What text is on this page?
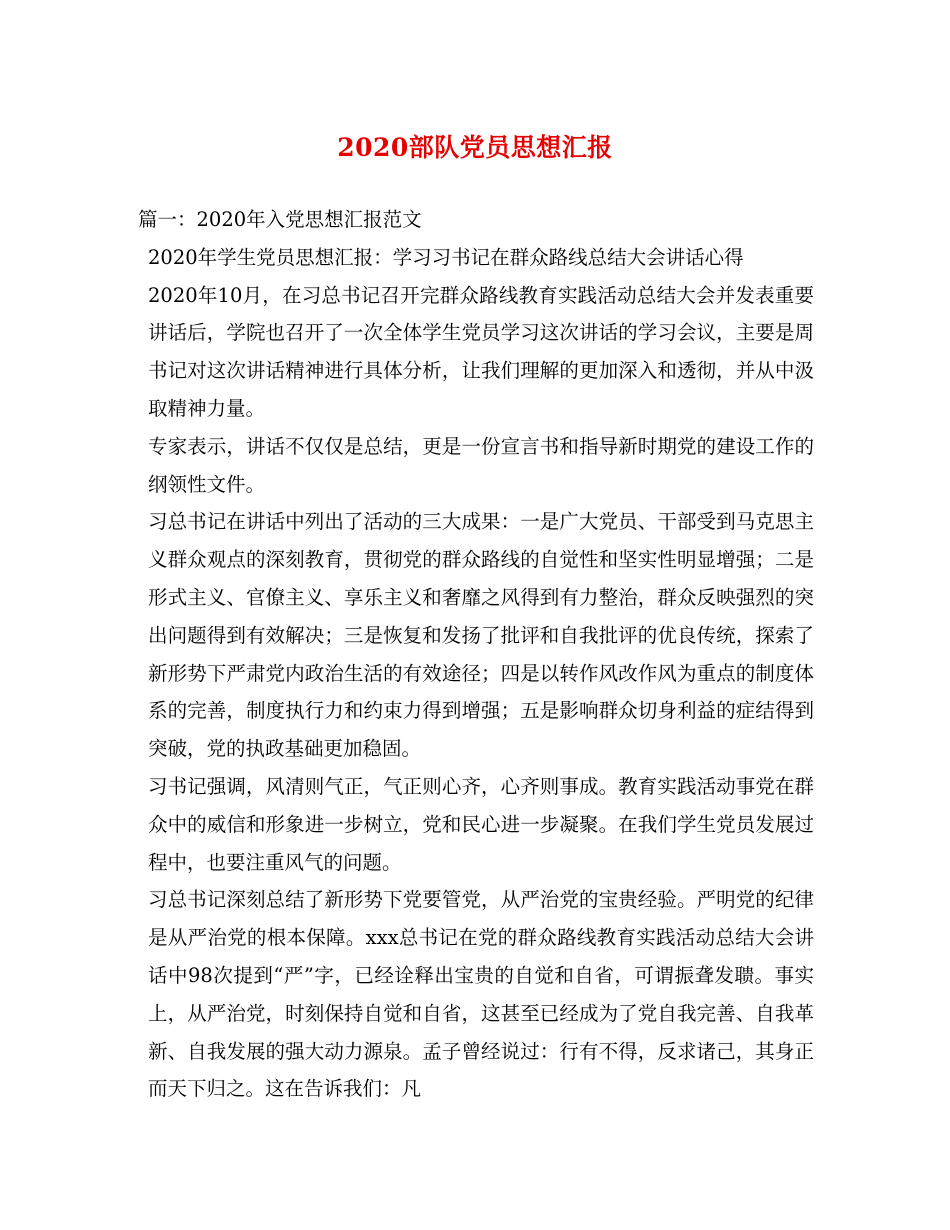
2020部队党员思想汇报

篇一：2020年入党思想汇报范文

2020年学生党员思想汇报：学习习书记在群众路线总结大会讲话心得

2020年10月，在习总书记召开完群众路线教育实践活动总结大会并发表重要讲话后，学院也召开了一次全体学生党员学习这次讲话的学习会议，主要是周书记对这次讲话精神进行具体分析，让我们理解的更加深入和透彻，并从中汲取精神力量。

专家表示，讲话不仅仅是总结，更是一份宣言书和指导新时期党的建设工作的纲领性文件。

习总书记在讲话中列出了活动的三大成果：一是广大党员、干部受到马克思主义群众观点的深刻教育，贯彻党的群众路线的自觉性和坚实性明显增强；二是形式主义、官僚主义、享乐主义和奢靡之风得到有力整治，群众反映强烈的突出问题得到有效解决；三是恢复和发扬了批评和自我批评的优良传统，探索了新形势下严肃党内政治生活的有效途径；四是以转作风改作风为重点的制度体系的完善，制度执行力和约束力得到增强；五是影响群众切身利益的症结得到突破，党的执政基础更加稳固。

习书记强调，风清则气正，气正则心齐，心齐则事成。教育实践活动事党在群众中的威信和形象进一步树立，党和民心进一步凝聚。在我们学生党员发展过程中，也要注重风气的问题。

习总书记深刻总结了新形势下党要管党，从严治党的宝贵经验。严明党的纪律是从严治党的根本保障。xxx总书记在党的群众路线教育实践活动总结大会讲话中98次提到“严”字，已经诠释出宝贵的自觉和自省，可谓振聋发聩。事实上，从严治党，时刻保持自觉和自省，这甚至已经成为了党自我完善、自我革新、自我发展的强大动力源泉。孟子曾经说过：行有不得，反求诸己，其身正而天下归之。这在告诉我们：凡
